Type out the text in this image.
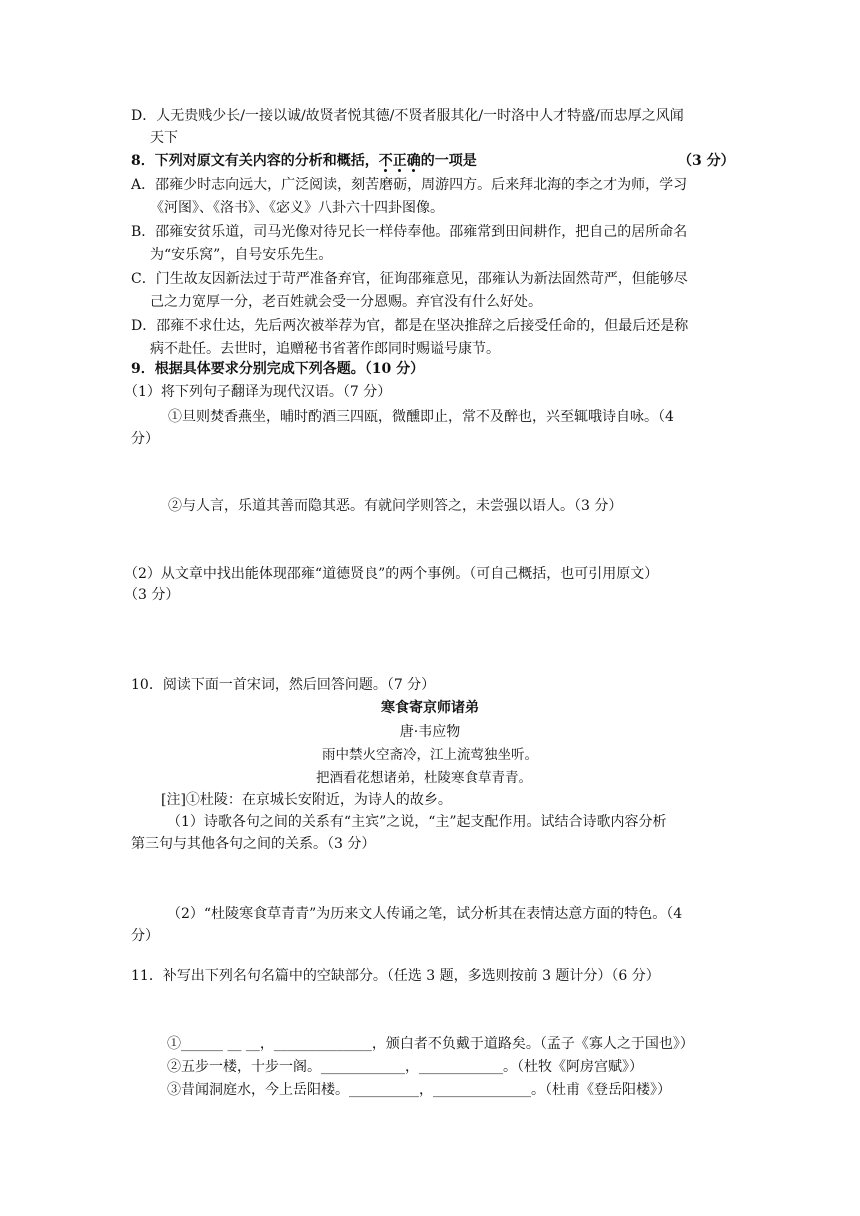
D．人无贵贱少长/一接以诚/故贤者悦其德/不贤者服其化/一时洛中人才特盛/而忠厚之风闻
天下
8．下列对原文有关内容的分析和概括，不正确的一项是	（3 分）
A．邵雍少时志向远大，广泛阅读，刻苦磨砺，周游四方。后来拜北海的李之才为师，学习
《河图》、《洛书》、《宓义》八卦六十四卦图像。
B．邵雍安贫乐道，司马光像对待兄长一样侍奉他。邵雍常到田间耕作，把自己的居所命名
为“安乐窝”，自号安乐先生。
C．门生故友因新法过于苛严准备弃官，征询邵雍意见，邵雍认为新法固然苛严，但能够尽
己之力宽厚一分，老百姓就会受一分恩赐。弃官没有什么好处。
D．邵雍不求仕达，先后两次被举荐为官，都是在坚决推辞之后接受任命的，但最后还是称
病不赴任。去世时，追赠秘书省著作郎同时赐谥号康节。
9．根据具体要求分别完成下列各题。（10 分）
（1）将下列句子翻译为现代汉语。（7 分）
①旦则焚香燕坐，晡时酌酒三四瓯，微醺即止，常不及醉也，兴至辄哦诗自咏。（4
分）
②与人言，乐道其善而隐其恶。有就问学则答之，未尝强以语人。（3 分）
（2）从文章中找出能体现邵雍“道德贤良”的两个事例。（可自己概括，也可引用原文）
（3 分）
10．阅读下面一首宋词，然后回答问题。（7 分）
寒食寄京师诸弟
唐·韦应物
雨中禁火空斋冷，江上流莺独坐听。
把酒看花想诸弟，杜陵寒食草青青。
[注]①杜陵：在京城长安附近，为诗人的故乡。
（1）诗歌各句之间的关系有“主宾”之说，“主”起支配作用。试结合诗歌内容分析
第三句与其他各句之间的关系。（3 分）
（2）“杜陵寒食草青青”为历来文人传诵之笔，试分析其在表情达意方面的特色。（4
分）
11．补写出下列名句名篇中的空缺部分。（任选 3 题，多选则按前 3 题计分）（6 分）
①______ __ __，______________，颁白者不负戴于道路矣。（孟子《寡人之于国也》）
②五步一楼，十步一阁。____________，____________。（杜牧《阿房宫赋》）
③昔闻洞庭水，今上岳阳楼。__________，______________。（杜甫《登岳阳楼》）
